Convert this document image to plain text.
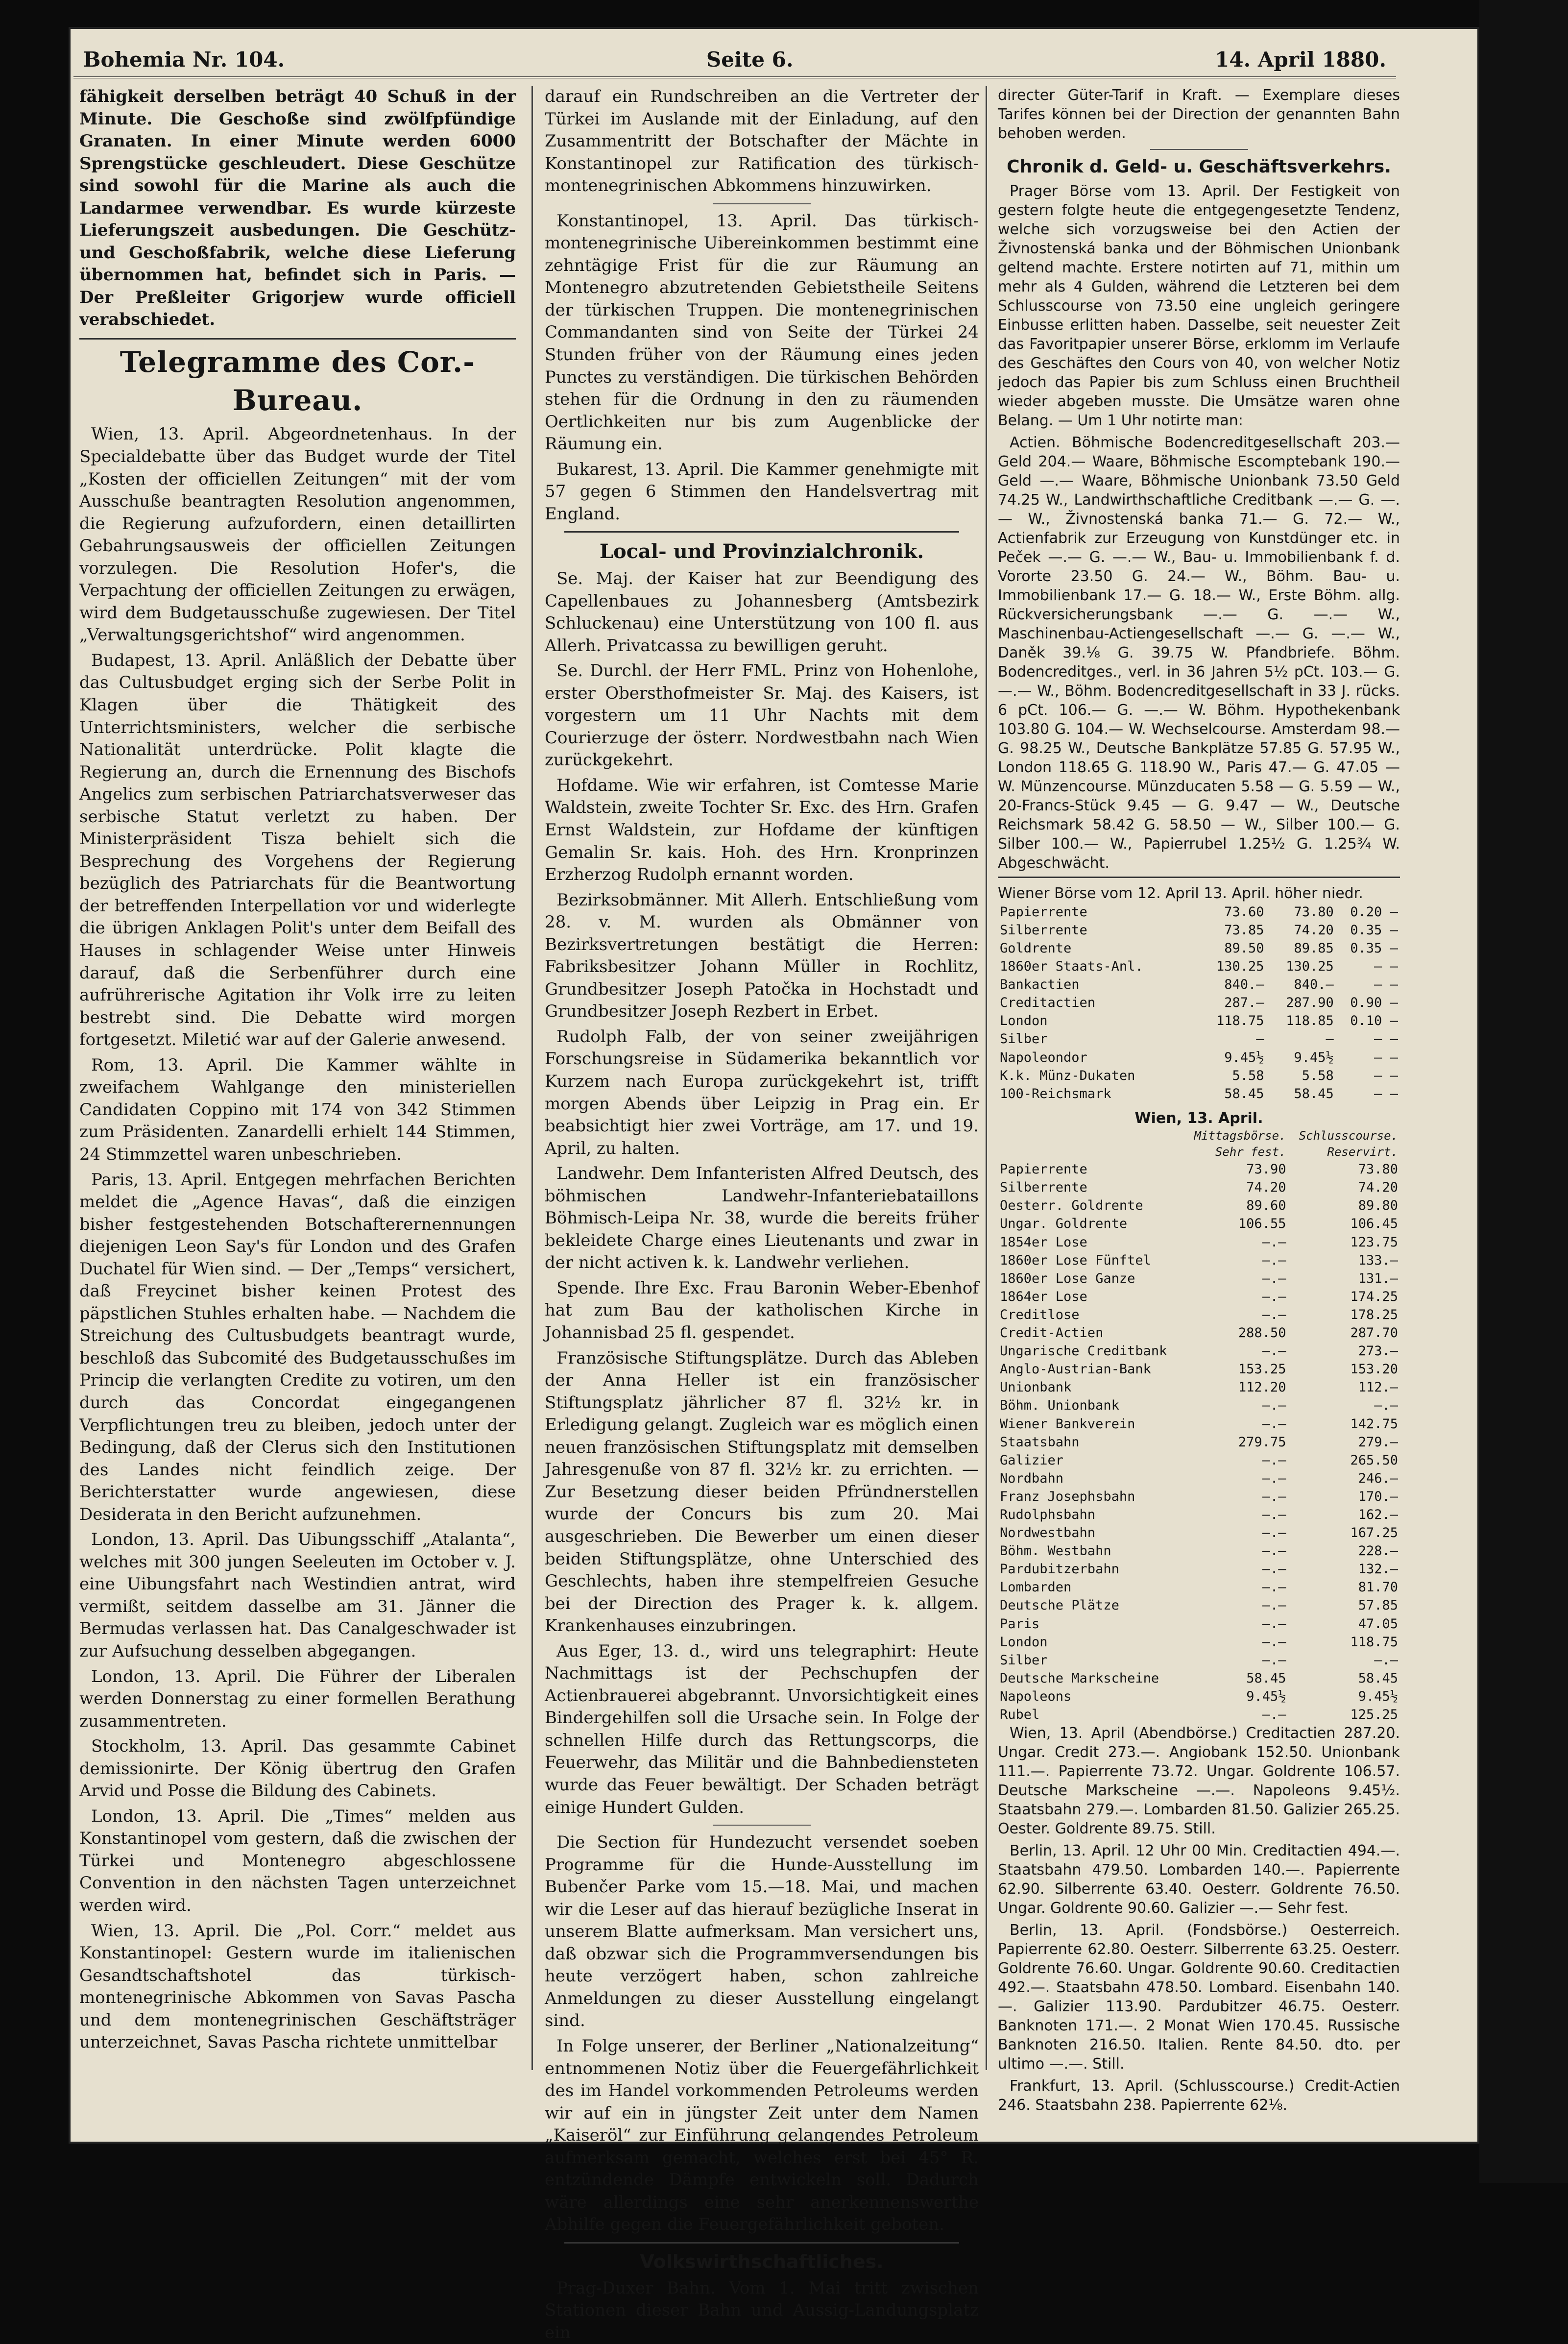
Bohemia Nr. 104.	Seite 6.	14. April 1880.

fähigkeit derselben beträgt 40 Schuß in der Minute. Die Geschoße sind zwölfpfündige Granaten. In einer Minute werden 6000 Sprengstücke geschleudert. Diese Geschütze sind sowohl für die Marine als auch die Landarmee verwendbar. Es wurde kürzeste Lieferungszeit ausbedungen. Die Geschütz- und Geschoßfabrik, welche diese Lieferung übernommen hat, befindet sich in Paris. — Der Preßleiter Grigorjew wurde officiell verabschiedet.

Telegramme des Cor.-Bureau.

Wien, 13. April. Abgeordnetenhaus. In der Specialdebatte über das Budget wurde der Titel „Kosten der officiellen Zeitungen“ mit der vom Ausschuße beantragten Resolution angenommen, die Regierung aufzufordern, einen detaillirten Gebahrungsausweis der officiellen Zeitungen vorzulegen. Die Resolution Hofer's, die Verpachtung der officiellen Zeitungen zu erwägen, wird dem Budgetausschuße zugewiesen. Der Titel „Verwaltungsgerichtshof“ wird angenommen.

Budapest, 13. April. Anläßlich der Debatte über das Cultusbudget erging sich der Serbe Polit in Klagen über die Thätigkeit des Unterrichtsministers, welcher die serbische Nationalität unterdrücke. Polit klagte die Regierung an, durch die Ernennung des Bischofs Angelics zum serbischen Patriarchatsverweser das serbische Statut verletzt zu haben. Der Ministerpräsident Tisza behielt sich die Besprechung des Vorgehens der Regierung bezüglich des Patriarchats für die Beantwortung der betreffenden Interpellation vor und widerlegte die übrigen Anklagen Polit's unter dem Beifall des Hauses in schlagender Weise unter Hinweis darauf, daß die Serbenführer durch eine aufrührerische Agitation ihr Volk irre zu leiten bestrebt sind. Die Debatte wird morgen fortgesetzt. Miletić war auf der Galerie anwesend.

Rom, 13. April. Die Kammer wählte in zweifachem Wahlgange den ministeriellen Candidaten Coppino mit 174 von 342 Stimmen zum Präsidenten. Zanardelli erhielt 144 Stimmen, 24 Stimmzettel waren unbeschrieben.

Paris, 13. April. Entgegen mehrfachen Berichten meldet die „Agence Havas“, daß die einzigen bisher festgestehenden Botschafterernennungen diejenigen Leon Say's für London und des Grafen Duchatel für Wien sind. — Der „Temps“ versichert, daß Freycinet bisher keinen Protest des päpstlichen Stuhles erhalten habe. — Nachdem die Streichung des Cultusbudgets beantragt wurde, beschloß das Subcomité des Budgetausschußes im Princip die verlangten Credite zu votiren, um den durch das Concordat eingegangenen Verpflichtungen treu zu bleiben, jedoch unter der Bedingung, daß der Clerus sich den Institutionen des Landes nicht feindlich zeige. Der Berichterstatter wurde angewiesen, diese Desiderata in den Bericht aufzunehmen.

London, 13. April. Das Uibungsschiff „Atalanta“, welches mit 300 jungen Seeleuten im October v. J. eine Uibungsfahrt nach Westindien antrat, wird vermißt, seitdem dasselbe am 31. Jänner die Bermudas verlassen hat. Das Canalgeschwader ist zur Aufsuchung desselben abgegangen.

London, 13. April. Die Führer der Liberalen werden Donnerstag zu einer formellen Berathung zusammentreten.

Stockholm, 13. April. Das gesammte Cabinet demissionirte. Der König übertrug den Grafen Arvid und Posse die Bildung des Cabinets.

London, 13. April. Die „Times“ melden aus Konstantinopel vom gestern, daß die zwischen der Türkei und Montenegro abgeschlossene Convention in den nächsten Tagen unterzeichnet werden wird.

Wien, 13. April. Die „Pol. Corr.“ meldet aus Konstantinopel: Gestern wurde im italienischen Gesandtschaftshotel das türkisch-montenegrinische Abkommen von Savas Pascha und dem montenegrinischen Geschäftsträger unterzeichnet, Savas Pascha richtete unmittelbar

darauf ein Rundschreiben an die Vertreter der Türkei im Auslande mit der Einladung, auf den Zusammentritt der Botschafter der Mächte in Konstantinopel zur Ratification des türkisch-montenegrinischen Abkommens hinzuwirken.

Konstantinopel, 13. April. Das türkisch-montenegrinische Uibereinkommen bestimmt eine zehntägige Frist für die zur Räumung an Montenegro abzutretenden Gebietstheile Seitens der türkischen Truppen. Die montenegrinischen Commandanten sind von Seite der Türkei 24 Stunden früher von der Räumung eines jeden Punctes zu verständigen. Die türkischen Behörden stehen für die Ordnung in den zu räumenden Oertlichkeiten nur bis zum Augenblicke der Räumung ein.

Bukarest, 13. April. Die Kammer genehmigte mit 57 gegen 6 Stimmen den Handelsvertrag mit England.

Local- und Provinzialchronik.

Se. Maj. der Kaiser hat zur Beendigung des Capellenbaues zu Johannesberg (Amtsbezirk Schluckenau) eine Unterstützung von 100 fl. aus Allerh. Privatcassa zu bewilligen geruht.

Se. Durchl. der Herr FML. Prinz von Hohenlohe, erster Obersthofmeister Sr. Maj. des Kaisers, ist vorgestern um 11 Uhr Nachts mit dem Courierzuge der österr. Nordwestbahn nach Wien zurückgekehrt.

Hofdame. Wie wir erfahren, ist Comtesse Marie Waldstein, zweite Tochter Sr. Exc. des Hrn. Grafen Ernst Waldstein, zur Hofdame der künftigen Gemalin Sr. kais. Hoh. des Hrn. Kronprinzen Erzherzog Rudolph ernannt worden.

Bezirksobmänner. Mit Allerh. Entschließung vom 28. v. M. wurden als Obmänner von Bezirksvertretungen bestätigt die Herren: Fabriksbesitzer Johann Müller in Rochlitz, Grundbesitzer Joseph Patočka in Hochstadt und Grundbesitzer Joseph Rezbert in Erbet.

Rudolph Falb, der von seiner zweijährigen Forschungsreise in Südamerika bekanntlich vor Kurzem nach Europa zurückgekehrt ist, trifft morgen Abends über Leipzig in Prag ein. Er beabsichtigt hier zwei Vorträge, am 17. und 19. April, zu halten.

Landwehr. Dem Infanteristen Alfred Deutsch, des böhmischen Landwehr-Infanteriebataillons Böhmisch-Leipa Nr. 38, wurde die bereits früher bekleidete Charge eines Lieutenants und zwar in der nicht activen k. k. Landwehr verliehen.

Spende. Ihre Exc. Frau Baronin Weber-Ebenhof hat zum Bau der katholischen Kirche in Johannisbad 25 fl. gespendet.

Französische Stiftungsplätze. Durch das Ableben der Anna Heller ist ein französischer Stiftungsplatz jährlicher 87 fl. 32½ kr. in Erledigung gelangt. Zugleich war es möglich einen neuen französischen Stiftungsplatz mit demselben Jahresgenuße von 87 fl. 32½ kr. zu errichten. — Zur Besetzung dieser beiden Pfründnerstellen wurde der Concurs bis zum 20. Mai ausgeschrieben. Die Bewerber um einen dieser beiden Stiftungsplätze, ohne Unterschied des Geschlechts, haben ihre stempelfreien Gesuche bei der Direction des Prager k. k. allgem. Krankenhauses einzubringen.

Aus Eger, 13. d., wird uns telegraphirt: Heute Nachmittags ist der Pechschupfen der Actienbrauerei abgebrannt. Unvorsichtigkeit eines Bindergehilfen soll die Ursache sein. In Folge der schnellen Hilfe durch das Rettungscorps, die Feuerwehr, das Militär und die Bahnbediensteten wurde das Feuer bewältigt. Der Schaden beträgt einige Hundert Gulden.

Die Section für Hundezucht versendet soeben Programme für die Hunde-Ausstellung im Bubenčer Parke vom 15.—18. Mai, und machen wir die Leser auf das hierauf bezügliche Inserat in unserem Blatte aufmerksam. Man versichert uns, daß obzwar sich die Programmversendungen bis heute verzögert haben, schon zahlreiche Anmeldungen zu dieser Ausstellung eingelangt sind.

In Folge unserer, der Berliner „Nationalzeitung“ entnommenen Notiz über die Feuergefährlichkeit des im Handel vorkommenden Petroleums werden wir auf ein in jüngster Zeit unter dem Namen „Kaiseröl“ zur Einführung gelangendes Petroleum aufmerksam gemacht, welches erst bei 45° R. entzündende Dämpfe entwickeln soll. Dadurch wäre allerdings eine sehr anerkennenswerthe Abhilfe gegen die Feuergefährlichkeit geboten.

Volkswirthschaftliches.

Prag-Duxer Bahn. Vom 1. Mai tritt zwischen Stationen dieser Bahn und Aussig-Landungsplatz ein

directer Güter-Tarif in Kraft. — Exemplare dieses Tarifes können bei der Direction der genannten Bahn behoben werden.

Chronik d. Geld- u. Geschäftsverkehrs.

Prager Börse vom 13. April. Der Festigkeit von gestern folgte heute die entgegengesetzte Tendenz, welche sich vorzugsweise bei den Actien der Živnostenská banka und der Böhmischen Unionbank geltend machte. Erstere notirten auf 71, mithin um mehr als 4 Gulden, während die Letzteren bei dem Schlusscourse von 73.50 eine ungleich geringere Einbusse erlitten haben. Dasselbe, seit neuester Zeit das Favoritpapier unserer Börse, erklomm im Verlaufe des Geschäftes den Cours von 40, von welcher Notiz jedoch das Papier bis zum Schluss einen Bruchtheil wieder abgeben musste. Die Umsätze waren ohne Belang. — Um 1 Uhr notirte man:

Actien. Böhmische Bodencreditgesellschaft 203.— Geld 204.— Waare, Böhmische Escomptebank 190.— Geld —.— Waare, Böhmische Unionbank 73.50 Geld 74.25 W., Landwirthschaftliche Creditbank —.— G. —.— W., Živnostenská banka 71.— G. 72.— W., Actienfabrik zur Erzeugung von Kunstdünger etc. in Peček —.— G. —.— W., Bau- u. Immobilienbank f. d. Vororte 23.50 G. 24.— W., Böhm. Bau- u. Immobilienbank 17.— G. 18.— W., Erste Böhm. allg. Rückversicherungsbank —.— G. —.— W., Maschinenbau-Actiengesellschaft —.— G. —.— W., Daněk 39.⅛ G. 39.75 W. Pfandbriefe. Böhm. Bodencreditges., verl. in 36 Jahren 5½ pCt. 103.— G. —.— W., Böhm. Bodencreditgesellschaft in 33 J. rücks. 6 pCt. 106.— G. —.— W. Böhm. Hypothekenbank 103.80 G. 104.— W. Wechselcourse. Amsterdam 98.— G. 98.25 W., Deutsche Bankplätze 57.85 G. 57.95 W., London 118.65 G. 118.90 W., Paris 47.— G. 47.05 — W. Münzencourse. Münzducaten 5.58 — G. 5.59 — W., 20-Francs-Stück 9.45 — G. 9.47 — W., Deutsche Reichsmark 58.42 G. 58.50 — W., Silber 100.— G. Silber 100.— W., Papierrubel 1.25½ G. 1.25¾ W. Abgeschwächt.

Wiener Börse vom 12. April 13. April. höher niedr.
Papierrente	73.60	73.80	0.20	—
Silberrente	73.85	74.20	0.35	—
Goldrente	89.50	89.85	0.35	—
1860er Staats-Anl.	130.25	130.25	—	—
Bankactien	840.—	840.—	—	—
Creditactien	287.—	287.90	0.90	—
London	118.75	118.85	0.10	—
Silber	—	—	—	—
Napoleondor	9.45½	9.45½	—	—
K.k. Münz-Dukaten	5.58	5.58	—	—
100-Reichsmark	58.45	58.45	—	—
Wien, 13. April.
	Mittagsbörse.	Schlusscourse.
	Sehr fest.	Reservirt.
Papierrente	73.90	73.80
Silberrente	74.20	74.20
Oesterr. Goldrente	89.60	89.80
Ungar. Goldrente	106.55	106.45
1854er Lose	—.—	123.75
1860er Lose Fünftel	—.—	133.—
1860er Lose Ganze	—.—	131.—
1864er Lose	—.—	174.25
Creditlose	—.—	178.25
Credit-Actien	288.50	287.70
Ungarische Creditbank	—.—	273.—
Anglo-Austrian-Bank	153.25	153.20
Unionbank	112.20	112.—
Böhm. Unionbank	—.—	—.—
Wiener Bankverein	—.—	142.75
Staatsbahn	279.75	279.—
Galizier	—.—	265.50
Nordbahn	—.—	246.—
Franz Josephsbahn	—.—	170.—
Rudolphsbahn	—.—	162.—
Nordwestbahn	—.—	167.25
Böhm. Westbahn	—.—	228.—
Pardubitzerbahn	—.—	132.—
Lombarden	—.—	81.70
Deutsche Plätze	—.—	57.85
Paris	—.—	47.05
London	—.—	118.75
Silber	—.—	—.—
Deutsche Markscheine	58.45	58.45
Napoleons	9.45½	9.45½
Rubel	—.—	125.25

Wien, 13. April (Abendbörse.) Creditactien 287.20. Ungar. Credit 273.—. Angiobank 152.50. Unionbank 111.—. Papierrente 73.72. Ungar. Goldrente 106.57. Deutsche Markscheine —.—. Napoleons 9.45½. Staatsbahn 279.—. Lombarden 81.50. Galizier 265.25. Oester. Goldrente 89.75. Still.

Berlin, 13. April. 12 Uhr 00 Min. Creditactien 494.—. Staatsbahn 479.50. Lombarden 140.—. Papierrente 62.90. Silberrente 63.40. Oesterr. Goldrente 76.50. Ungar. Goldrente 90.60. Galizier —.— Sehr fest.

Berlin, 13. April. (Fondsbörse.) Oesterreich. Papierrente 62.80. Oesterr. Silberrente 63.25. Oesterr. Goldrente 76.60. Ungar. Goldrente 90.60. Creditactien 492.—. Staatsbahn 478.50. Lombard. Eisenbahn 140.—. Galizier 113.90. Pardubitzer 46.75. Oesterr. Banknoten 171.—. 2 Monat Wien 170.45. Russische Banknoten 216.50. Italien. Rente 84.50. dto. per ultimo —.—. Still.

Frankfurt, 13. April. (Schlusscourse.) Credit-Actien 246. Staatsbahn 238. Papierrente 62⅛.
